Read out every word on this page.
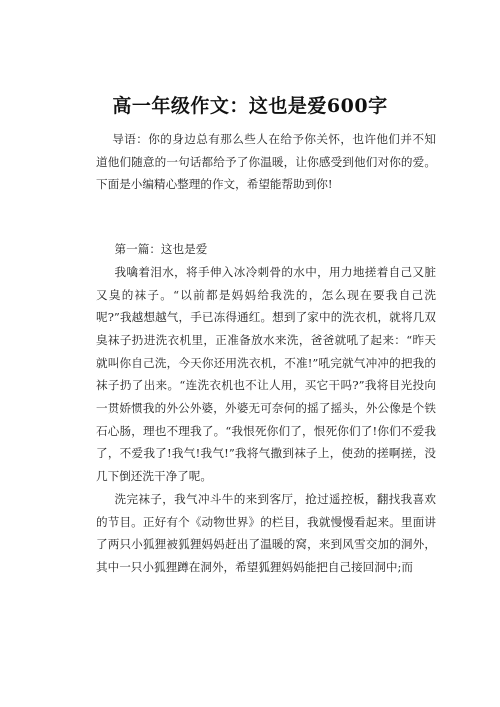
高一年级作文：这也是爱600字

导语：你的身边总有那么些人在给予你关怀，也许他们并不知道他们随意的一句话都给予了你温暖，让你感受到他们对你的爱。下面是小编精心整理的作文，希望能帮助到你!

第一篇：这也是爱

我噙着泪水，将手伸入冰冷刺骨的水中，用力地搓着自己又脏又臭的袜子。“以前都是妈妈给我洗的，怎么现在要我自己洗呢?”我越想越气，手已冻得通红。想到了家中的洗衣机，就将几双臭袜子扔进洗衣机里，正准备放水来洗，爸爸就吼了起来：“昨天就叫你自己洗，今天你还用洗衣机，不准!”吼完就气冲冲的把我的袜子扔了出来。“连洗衣机也不让人用，买它干吗?”我将目光投向一贯娇惯我的外公外婆，外婆无可奈何的摇了摇头，外公像是个铁石心肠，理也不理我了。“我恨死你们了，恨死你们了!你们不爱我了，不爱我了!我气!我气!”我将气撒到袜子上，使劲的搓啊搓，没几下倒还洗干净了呢。

洗完袜子，我气冲斗牛的来到客厅，抢过遥控板，翻找我喜欢的节目。正好有个《动物世界》的栏目，我就慢慢看起来。里面讲了两只小狐狸被狐狸妈妈赶出了温暖的窝，来到风雪交加的洞外，其中一只小狐狸蹲在洞外，希望狐狸妈妈能把自己接回洞中;而
